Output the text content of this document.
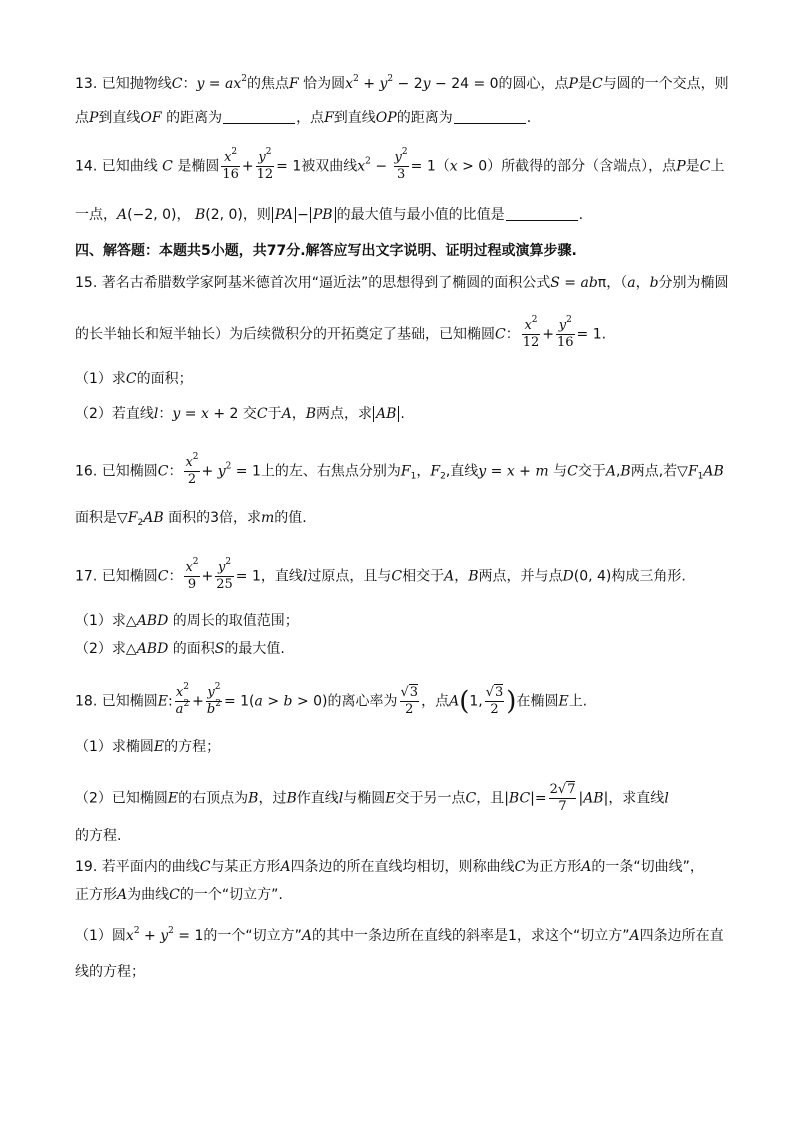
13. 已知抛物线C：$y = ax^2$的焦点F 恰为圆$x^2 + y^2 - 2y - 24 = 0$的圆心，点P是C与圆的一个交点，则
点P到直线OF 的距离为	，点F到直线OP的距离为	.
14. 已知曲线 C 是椭圆 $\frac{x^2}{16} + \frac{y^2}{12} = 1$被双曲线$x^2 - \frac{y^2}{3} = 1(x > 0)$所截得的部分（含端点），点P是C上
一点，A(−2, 0)， B(2, 0)，则 PA − PB 的最大值与最小值的比值是	.
四、解答题：本题共5小题，共77分.解答应写出文字说明、证明过程或演算步骤.
15. 著名古希腊数学家阿基米德首次用“逼近法”的思想得到了椭圆的面积公式S = abπ，（a，b分别为椭圆
的长半轴长和短半轴长）为后续微积分的开拓奠定了基础，已知椭圆C： $\frac{x^2}{12} + \frac{y^2}{16} = 1$.
（1）求C的面积；
（2）若直线l：y = x + 2 交C于A，B两点，求 AB .
16. 已知椭圆C： $\frac{x^2}{2} + y^2 = 1$上的左、右焦点分别为$F_1$，$F_2$,直线y = x + m 与C交于A,B两点,若$▽F_1AB$
面积是$▽F_2AB$ 面积的3倍，求m的值.
17. 已知椭圆C： $\frac{x^2}{9} + \frac{y^2}{25} = 1$，直线l过原点，且与C相交于A，B两点，并与点D(0, 4)构成三角形.
（1）求△ABD 的周长的取值范围；
（2）求△ABD 的面积S的最大值.
18. 已知椭圆E: $\frac{x^2}{a^2} + \frac{y^2}{b^2} = 1(a > b > 0)$的离心率为 $\frac{√3}{2}$ ，点A(1, $\frac{√3}{2}$ )在椭圆E上.
（1）求椭圆E的方程；
（2）已知椭圆E的右顶点为B，过B作直线l与椭圆E交于另一点C，且$|BC|= \frac{2√7}{7} |AB|$，求直线l
的方程.
19. 若平面内的曲线C与某正方形A四条边的所在直线均相切，则称曲线C为正方形A的一条“切曲线”，
正方形A为曲线C的一个“切立方”.
（1）圆$x^2 + y^2 = 1$的一个“切立方”A的其中一条边所在直线的斜率是1，求这个“切立方”A四条边所在直
线的方程；
